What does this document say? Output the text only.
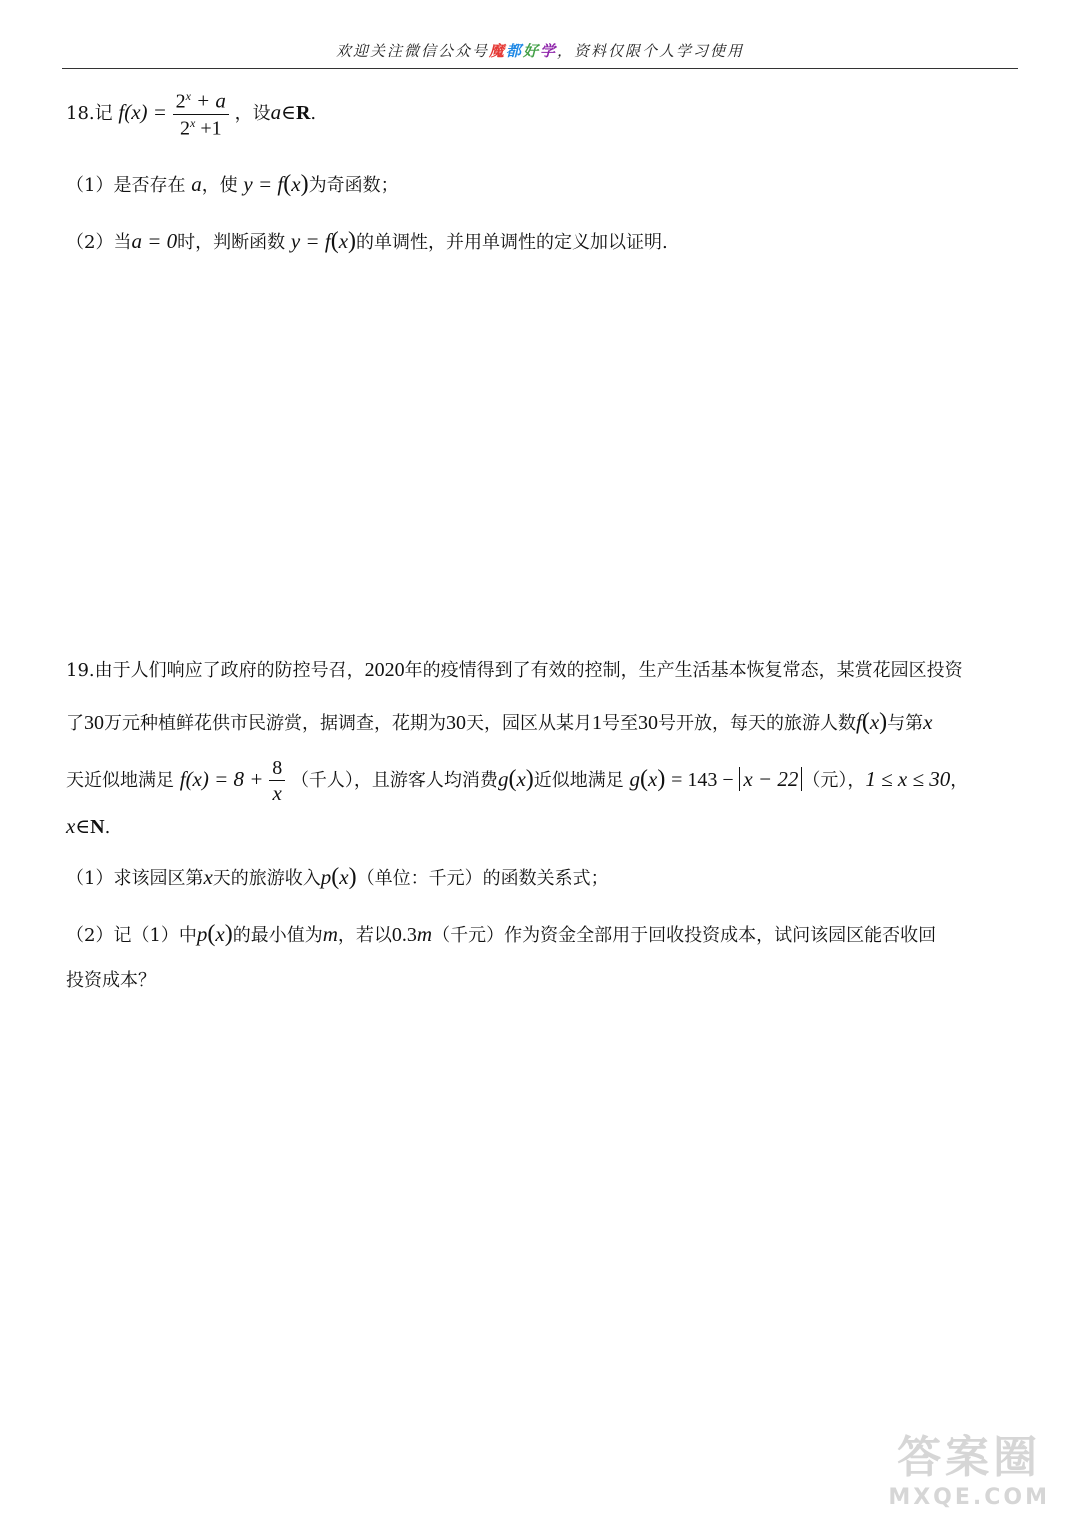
欢迎关注微信公众号魔都好学，资料仅限个人学习使用
18.记 $f(x) = \frac{2^x + a}{2^x +1}$ ，设a∈R.
（1）是否存在 a，使 y = f(x)为奇函数；
（2）当a = 0时，判断函数 y = f(x)的单调性，并用单调性的定义加以证明.
19.由于人们响应了政府的防控号召，2020年的疫情得到了有效的控制，生产生活基本恢复常态，某赏花园区投资
了30万元种植鲜花供市民游赏，据调查，花期为30天，园区从某月1号至30号开放，每天的旅游人数f(x)与第x
天近似地满足 $f(x) = 8 + \frac{8}{x}$ （千人），且游客人均消费g(x)近似地满足 g(x) = 143 − x − 22 （元），1 ≤ x ≤ 30，
x∈N.
（1）求该园区第x天的旅游收入p(x)（单位：千元）的函数关系式；
（2）记（1）中p(x)的最小值为m，若以0.3m（千元）作为资金全部用于回收投资成本，试问该园区能否收回
投资成本？
答案圈
MXQE.COM
